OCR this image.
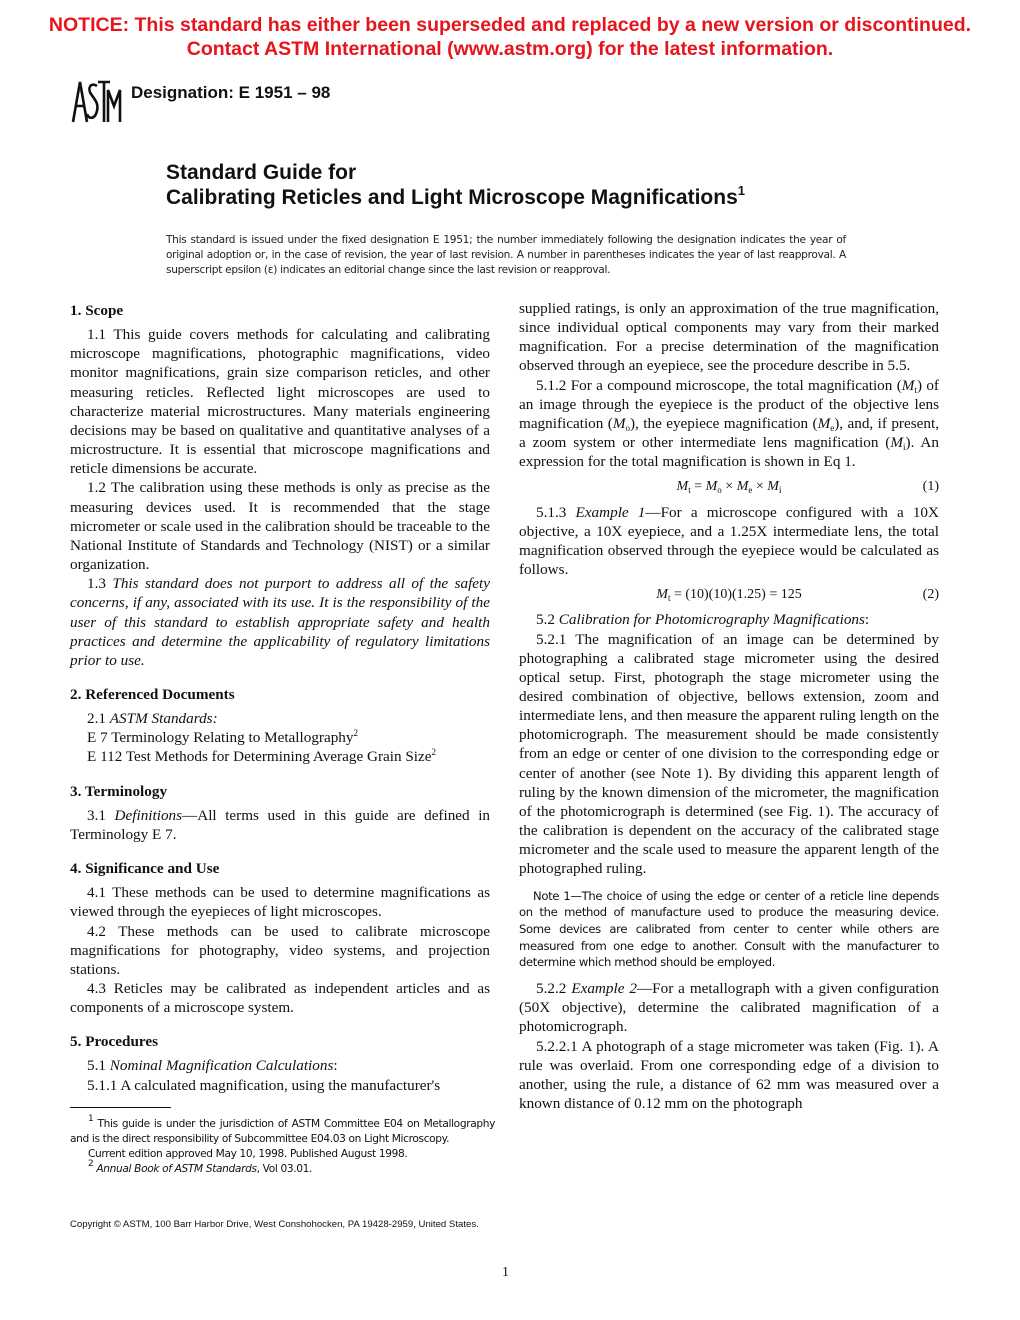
NOTICE: This standard has either been superseded and replaced by a new version or discontinued.
Contact ASTM International (www.astm.org) for the latest information.
Designation: E 1951 – 98
Standard Guide for
Calibrating Reticles and Light Microscope Magnifications$^1$
This standard is issued under the fixed designation E 1951; the number immediately following the designation indicates the year of original adoption or, in the case of revision, the year of last revision. A number in parentheses indicates the year of last reapproval. A superscript epsilon (ε) indicates an editorial change since the last revision or reapproval.
1. Scope
1.1 This guide covers methods for calculating and calibrating microscope magnifications, photographic magnifications, video monitor magnifications, grain size comparison reticles, and other measuring reticles. Reflected light microscopes are used to characterize material microstructures. Many materials engineering decisions may be based on qualitative and quantitative analyses of a microstructure. It is essential that microscope magnifications and reticle dimensions be accurate.
1.2 The calibration using these methods is only as precise as the measuring devices used. It is recommended that the stage micrometer or scale used in the calibration should be traceable to the National Institute of Standards and Technology (NIST) or a similar organization.
1.3 This standard does not purport to address all of the safety concerns, if any, associated with its use. It is the responsibility of the user of this standard to establish appropriate safety and health practices and determine the applicability of regulatory limitations prior to use.
2. Referenced Documents
2.1 ASTM Standards:
E 7 Terminology Relating to Metallography$^2$
E 112 Test Methods for Determining Average Grain Size$^2$
3. Terminology
3.1 Definitions—All terms used in this guide are defined in Terminology E 7.
4. Significance and Use
4.1 These methods can be used to determine magnifications as viewed through the eyepieces of light microscopes.
4.2 These methods can be used to calibrate microscope magnifications for photography, video systems, and projection stations.
4.3 Reticles may be calibrated as independent articles and as components of a microscope system.
5. Procedures
5.1 Nominal Magnification Calculations:
5.1.1 A calculated magnification, using the manufacturer's
supplied ratings, is only an approximation of the true magnification, since individual optical components may vary from their marked magnification. For a precise determination of the magnification observed through an eyepiece, see the procedure describe in 5.5.
5.1.2 For a compound microscope, the total magnification $(M_t)$ of an image through the eyepiece is the product of the objective lens magnification $(M_o)$, the eyepiece magnification $(M_e)$, and, if present, a zoom system or other intermediate lens magnification $(M_i)$. An expression for the total magnification is shown in Eq 1.
$M_t = M_o \times M_e \times M_i$	(1)
5.1.3 Example 1—For a microscope configured with a 10X objective, a 10X eyepiece, and a 1.25X intermediate lens, the total magnification observed through the eyepiece would be calculated as follows.
$M_t = (10)(10)(1.25) = 125$	(2)
5.2 Calibration for Photomicrography Magnifications:
5.2.1 The magnification of an image can be determined by photographing a calibrated stage micrometer using the desired optical setup. First, photograph the stage micrometer using the desired combination of objective, bellows extension, zoom and intermediate lens, and then measure the apparent ruling length on the photomicrograph. The measurement should be made consistently from an edge or center of one division to the corresponding edge or center of another (see Note 1). By dividing this apparent length of ruling by the known dimension of the micrometer, the magnification of the photomicrograph is determined (see Fig. 1). The accuracy of the calibration is dependent on the accuracy of the calibrated stage micrometer and the scale used to measure the apparent length of the photographed ruling.
Note 1—The choice of using the edge or center of a reticle line depends on the method of manufacture used to produce the measuring device. Some devices are calibrated from center to center while others are measured from one edge to another. Consult with the manufacturer to determine which method should be employed.
5.2.2 Example 2—For a metallograph with a given configuration (50X objective), determine the calibrated magnification of a photomicrograph.
5.2.2.1 A photograph of a stage micrometer was taken (Fig. 1). A rule was overlaid. From one corresponding edge of a division to another, using the rule, a distance of 62 mm was measured over a known distance of 0.12 mm on the photograph
$^1$ This guide is under the jurisdiction of ASTM Committee E04 on Metallography and is the direct responsibility of Subcommittee E04.03 on Light Microscopy.
Current edition approved May 10, 1998. Published August 1998.
$^2$ Annual Book of ASTM Standards, Vol 03.01.
Copyright © ASTM, 100 Barr Harbor Drive, West Conshohocken, PA 19428-2959, United States.
1
